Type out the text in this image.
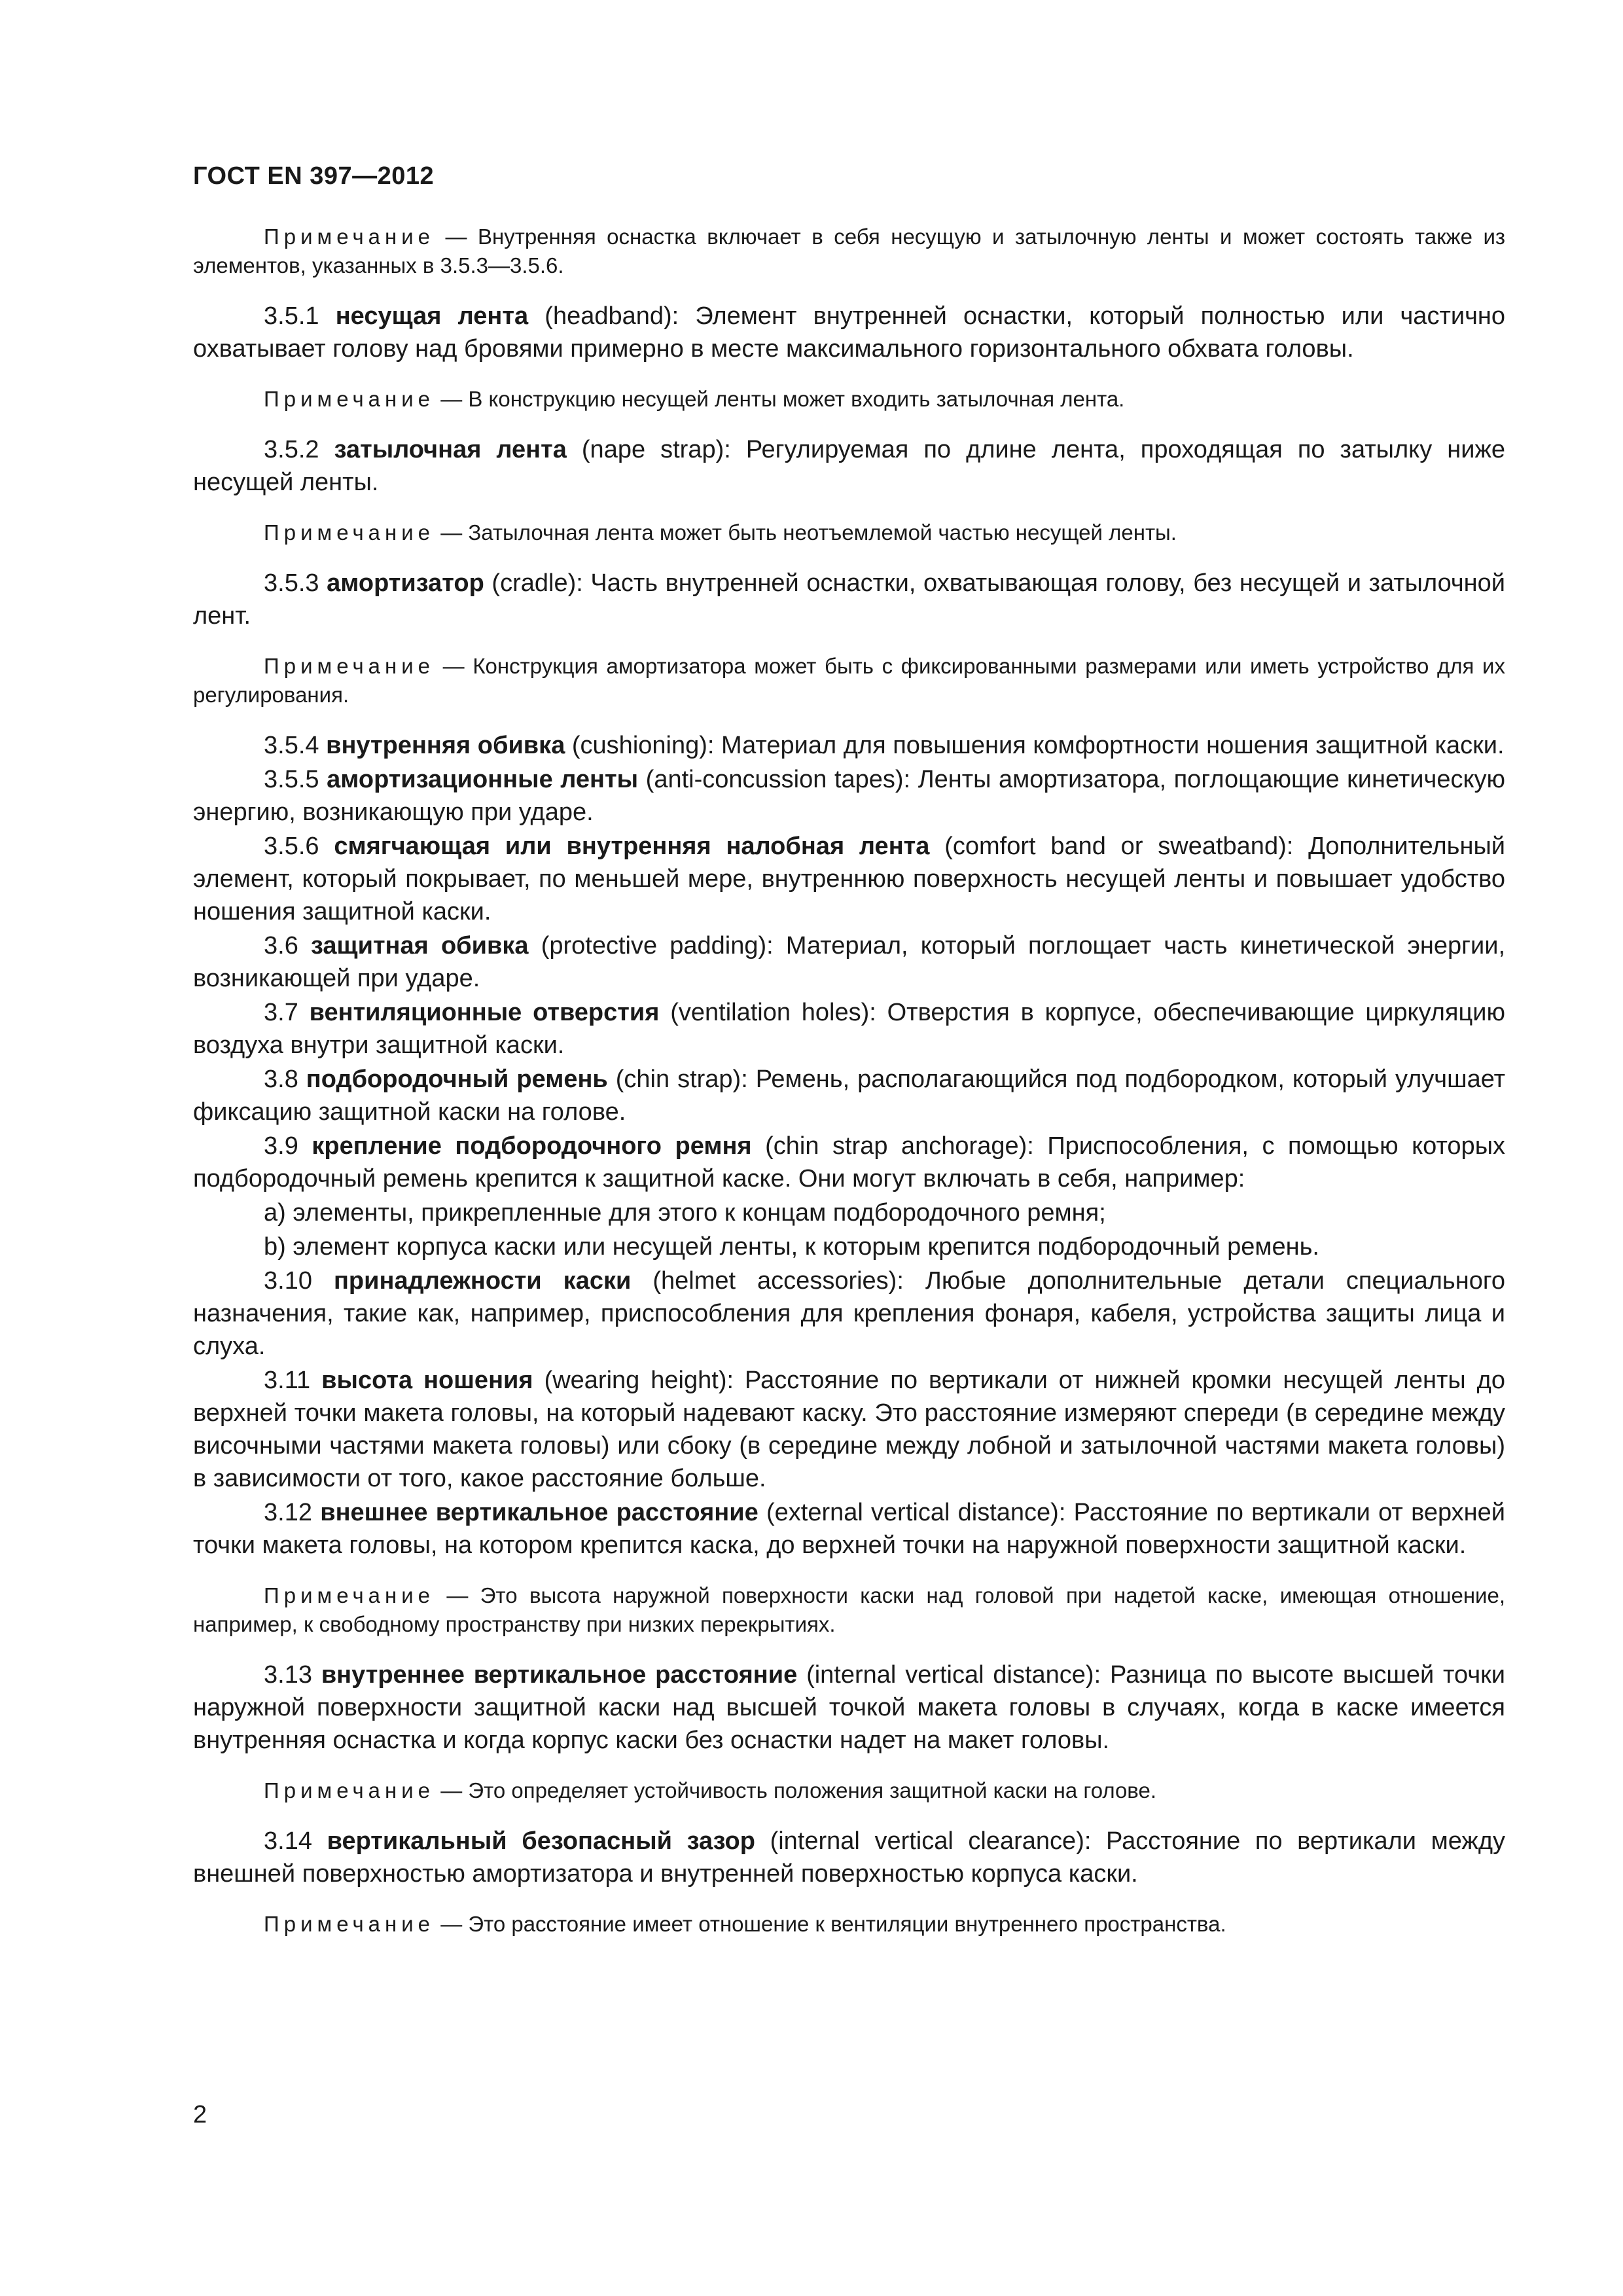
ГОСТ EN 397—2012

Примечание — Внутренняя оснастка включает в себя несущую и затылочную ленты и может состоять также из элементов, указанных в 3.5.3—3.5.6.

3.5.1 несущая лента (headband): Элемент внутренней оснастки, который полностью или частично охватывает голову над бровями примерно в месте максимального горизонтального обхвата головы.

Примечание — В конструкцию несущей ленты может входить затылочная лента.

3.5.2 затылочная лента (nape strap): Регулируемая по длине лента, проходящая по затылку ниже несущей ленты.

Примечание — Затылочная лента может быть неотъемлемой частью несущей ленты.

3.5.3 амортизатор (cradle): Часть внутренней оснастки, охватывающая голову, без несущей и затылочной лент.

Примечание — Конструкция амортизатора может быть с фиксированными размерами или иметь устройство для их регулирования.

3.5.4 внутренняя обивка (cushioning): Материал для повышения комфортности ношения защитной каски.

3.5.5 амортизационные ленты (anti-concussion tapes): Ленты амортизатора, поглощающие кинетическую энергию, возникающую при ударе.

3.5.6 смягчающая или внутренняя налобная лента (comfort band or sweatband): Дополнительный элемент, который покрывает, по меньшей мере, внутреннюю поверхность несущей ленты и повышает удобство ношения защитной каски.

3.6 защитная обивка (protective padding): Материал, который поглощает часть кинетической энергии, возникающей при ударе.

3.7 вентиляционные отверстия (ventilation holes): Отверстия в корпусе, обеспечивающие циркуляцию воздуха внутри защитной каски.

3.8 подбородочный ремень (chin strap): Ремень, располагающийся под подбородком, который улучшает фиксацию защитной каски на голове.

3.9 крепление подбородочного ремня (chin strap anchorage): Приспособления, с помощью которых подбородочный ремень крепится к защитной каске. Они могут включать в себя, например:

a) элементы, прикрепленные для этого к концам подбородочного ремня;

b) элемент корпуса каски или несущей ленты, к которым крепится подбородочный ремень.

3.10 принадлежности каски (helmet accessories): Любые дополнительные детали специального назначения, такие как, например, приспособления для крепления фонаря, кабеля, устройства защиты лица и слуха.

3.11 высота ношения (wearing height): Расстояние по вертикали от нижней кромки несущей ленты до верхней точки макета головы, на который надевают каску. Это расстояние измеряют спереди (в середине между височными частями макета головы) или сбоку (в середине между лобной и затылочной частями макета головы) в зависимости от того, какое расстояние больше.

3.12 внешнее вертикальное расстояние (external vertical distance): Расстояние по вертикали от верхней точки макета головы, на котором крепится каска, до верхней точки на наружной поверхности защитной каски.

Примечание — Это высота наружной поверхности каски над головой при надетой каске, имеющая отношение, например, к свободному пространству при низких перекрытиях.

3.13 внутреннее вертикальное расстояние (internal vertical distance): Разница по высоте высшей точки наружной поверхности защитной каски над высшей точкой макета головы в случаях, когда в каске имеется внутренняя оснастка и когда корпус каски без оснастки надет на макет головы.

Примечание — Это определяет устойчивость положения защитной каски на голове.

3.14 вертикальный безопасный зазор (internal vertical clearance): Расстояние по вертикали между внешней поверхностью амортизатора и внутренней поверхностью корпуса каски.

Примечание — Это расстояние имеет отношение к вентиляции внутреннего пространства.

2
